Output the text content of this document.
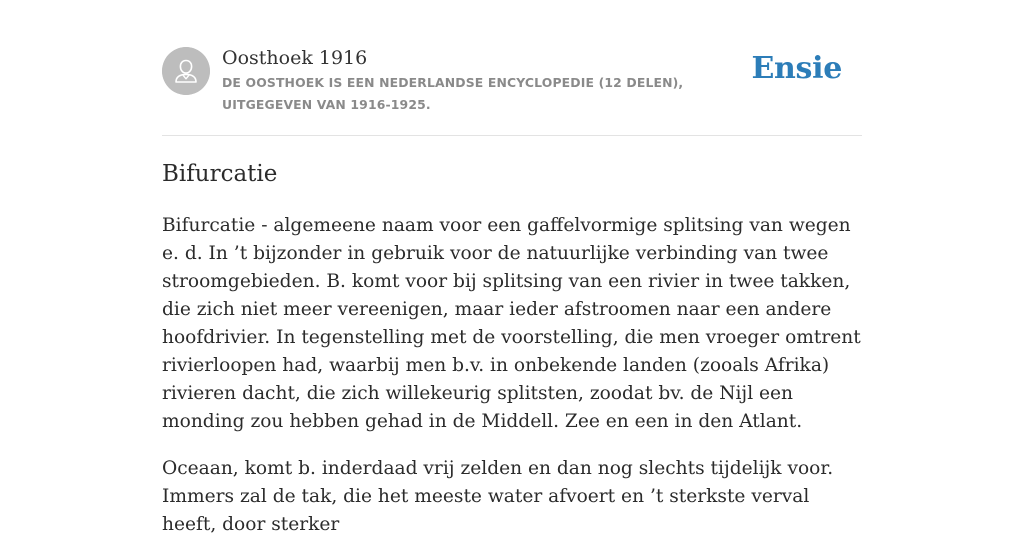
Oosthoek 1916
DE OOSTHOEK IS EEN NEDERLANDSE ENCYCLOPEDIE (12 DELEN), UITGEGEVEN VAN 1916-1925.
Ensie
Bifurcatie

Bifurcatie - algemeene naam voor een gaffelvormige splitsing van wegen e. d. In ’t bijzonder in gebruik voor de natuurlijke verbinding van twee stroomgebieden. B. komt voor bij splitsing van een rivier in twee takken, die zich niet meer vereenigen, maar ieder afstroomen naar een andere hoofdrivier. In tegenstelling met de voorstelling, die men vroeger omtrent rivierloopen had, waarbij men b.v. in onbekende landen (zooals Afrika) rivieren dacht, die zich willekeurig splitsten, zoodat bv. de Nijl een monding zou hebben gehad in de Middell. Zee en een in den Atlant.

Oceaan, komt b. inderdaad vrij zelden en dan nog slechts tijdelijk voor. Immers zal de tak, die het meeste water afvoert en ’t sterkste verval heeft, door sterker
